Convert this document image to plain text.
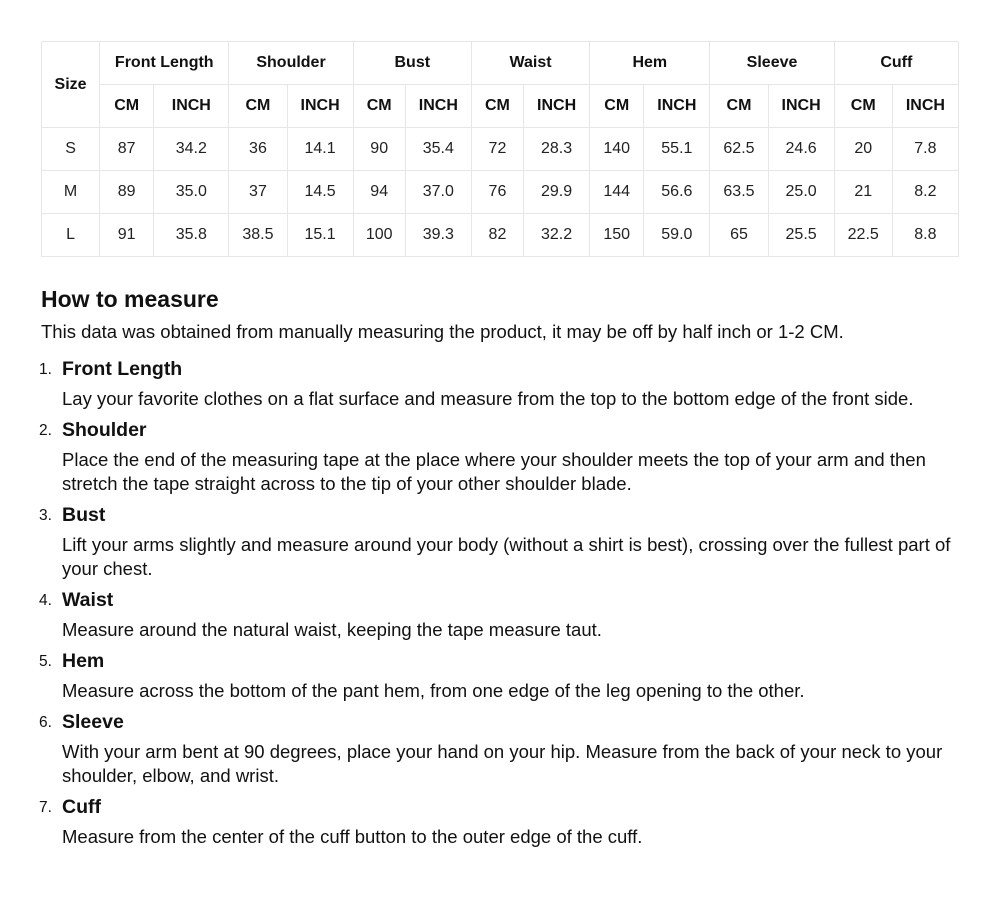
Size	Front Length		Shoulder		Bust		Waist		Hem		Sleeve		Cuff	
	CM	INCH	CM	INCH	CM	INCH	CM	INCH	CM	INCH	CM	INCH	CM	INCH
S	87	34.2	36	14.1	90	35.4	72	28.3	140	55.1	62.5	24.6	20	7.8
M	89	35.0	37	14.5	94	37.0	76	29.9	144	56.6	63.5	25.0	21	8.2
L	91	35.8	38.5	15.1	100	39.3	82	32.2	150	59.0	65	25.5	22.5	8.8
How to measure

This data was obtained from manually measuring the product, it may be off by half inch or 1-2 CM.

1. Front Length
Lay your favorite clothes on a flat surface and measure from the top to the bottom edge of the front side.
2. Shoulder
Place the end of the measuring tape at the place where your shoulder meets the top of your arm and then stretch the tape straight across to the tip of your other shoulder blade.
3. Bust
Lift your arms slightly and measure around your body (without a shirt is best), crossing over the fullest part of your chest.
4. Waist
Measure around the natural waist, keeping the tape measure taut.
5. Hem
Measure across the bottom of the pant hem, from one edge of the leg opening to the other.
6. Sleeve
With your arm bent at 90 degrees, place your hand on your hip. Measure from the back of your neck to your shoulder, elbow, and wrist.
7. Cuff
Measure from the center of the cuff button to the outer edge of the cuff.
